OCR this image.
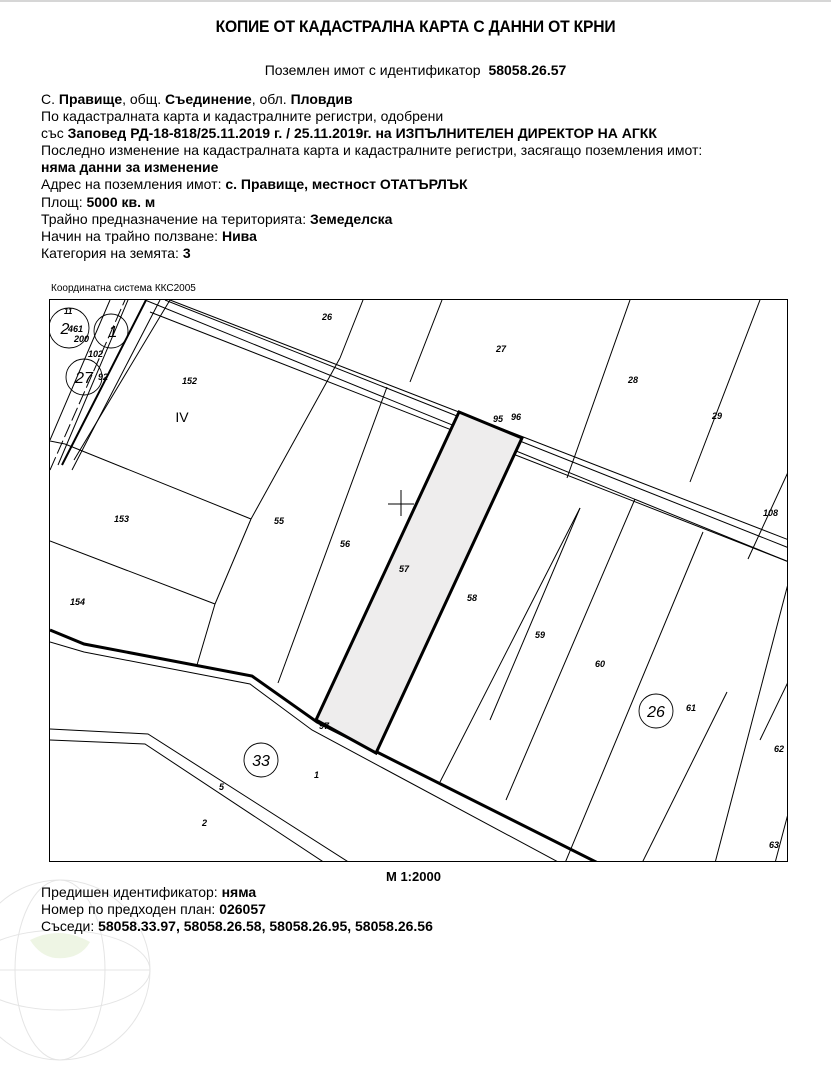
КОПИЕ ОТ КАДАСТРАЛНА КАРТА С ДАННИ ОТ КРНИ
Поземлен имот с идентификатор 58058.26.57
С. Правище, общ. Съединение, обл. Пловдив
По кадастралната карта и кадастралните регистри, одобрени
със Заповед РД-18-818/25.11.2019 г. / 25.11.2019г. на ИЗПЪЛНИТЕЛЕН ДИРЕКТОР НА АГКК
Последно изменение на кадастралната карта и кадастралните регистри, засягащо поземления имот:
няма данни за изменение
Адрес на поземления имот: с. Правище, местност ОТАТЪРЛЪК
Площ: 5000 кв. м
Трайно предназначение на територията: Земеделска
Начин на трайно ползване: Нива
Категория на земята: 3
Координатна система ККС2005
26
27
28
29
95 96
108
152
153
154
55
56
57
58
59
60
61
62
63
97
1
5
2
11
461
200
102
92
2 1
27
33
26
IV
М 1:2000
Предишен идентификатор: няма
Номер по предходен план: 026057
Съседи: 58058.33.97, 58058.26.58, 58058.26.95, 58058.26.56
